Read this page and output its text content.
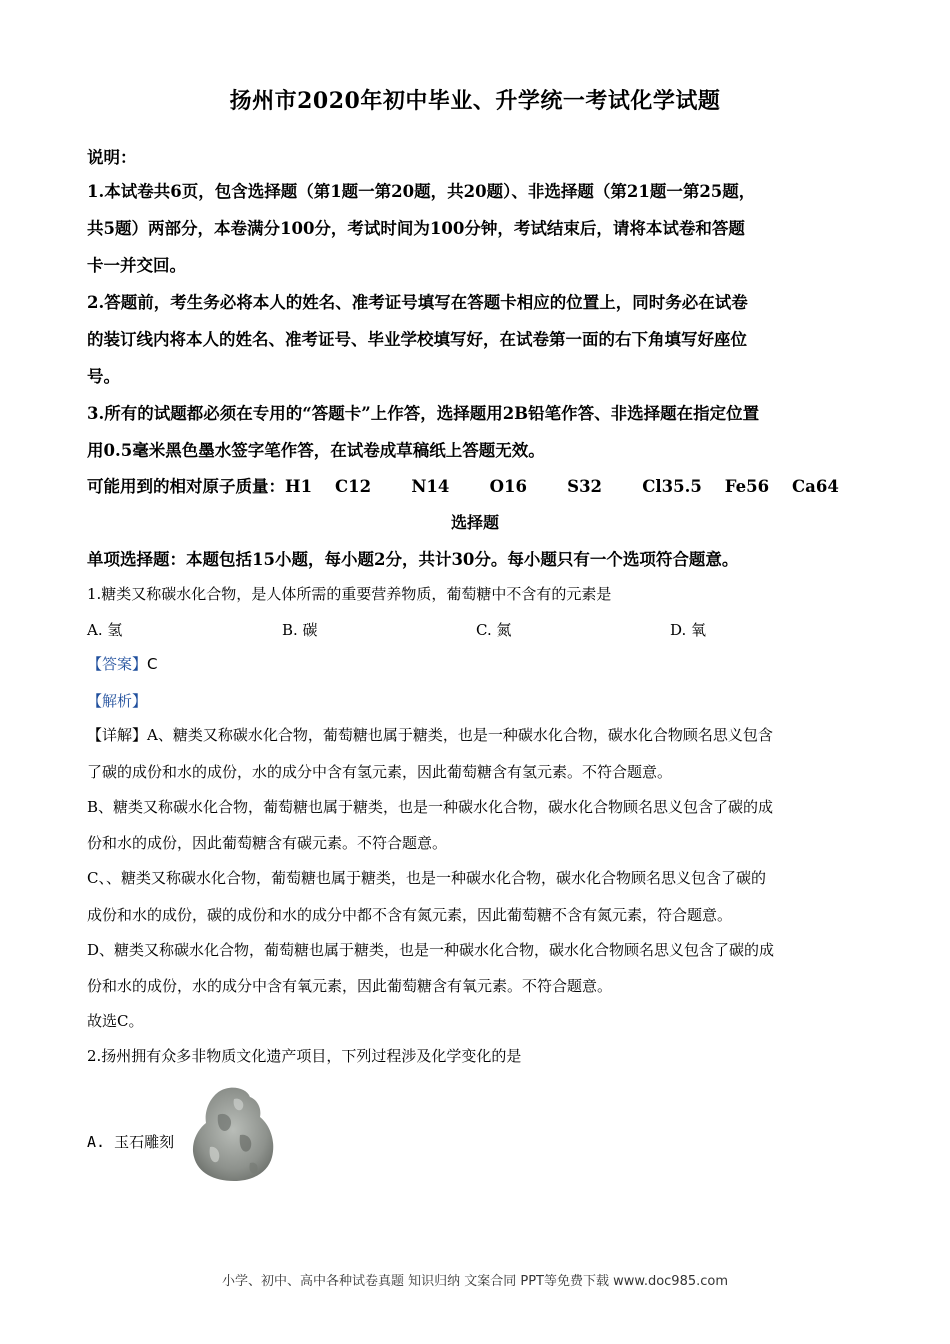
扬州市2020年初中毕业、升学统一考试化学试题
说明：
1.本试卷共6页，包含选择题（第1题一第20题，共20题）、非选择题（第21题一第25题，
共5题）两部分，本卷满分100分，考试时间为100分钟，考试结束后，请将本试卷和答题
卡一并交回。
2.答题前，考生务必将本人的姓名、准考证号填写在答题卡相应的位置上，同时务必在试卷
的装订线内将本人的姓名、准考证号、毕业学校填写好，在试卷第一面的右下角填写好座位
号。
3.所有的试题都必须在专用的“答题卡”上作答，选择题用2B铅笔作答、非选择题在指定位置
用0.5毫米黑色墨水签字笔作答，在试卷成草稿纸上答题无效。
可能用到的相对原子质量：H1    C12       N14       O16       S32       Cl35.5    Fe56    Ca64
选择题
单项选择题：本题包括15小题，每小题2分，共计30分。每小题只有一个选项符合题意。
1.糖类又称碳水化合物，是人体所需的重要营养物质，葡萄糖中不含有的元素是
A. 氢	B. 碳	C. 氮	D. 氧
【答案】C
【解析】
【详解】A、糖类又称碳水化合物，葡萄糖也属于糖类，也是一种碳水化合物，碳水化合物顾名思义包含
了碳的成份和水的成份，水的成分中含有氢元素，因此葡萄糖含有氢元素。不符合题意。
B、糖类又称碳水化合物，葡萄糖也属于糖类，也是一种碳水化合物，碳水化合物顾名思义包含了碳的成
份和水的成份，因此葡萄糖含有碳元素。不符合题意。
C、、糖类又称碳水化合物，葡萄糖也属于糖类，也是一种碳水化合物，碳水化合物顾名思义包含了碳的
成份和水的成份，碳的成份和水的成分中都不含有氮元素，因此葡萄糖不含有氮元素，符合题意。
D、糖类又称碳水化合物，葡萄糖也属于糖类，也是一种碳水化合物，碳水化合物顾名思义包含了碳的成
份和水的成份，水的成分中含有氧元素，因此葡萄糖含有氧元素。不符合题意。
故选C。
2.扬州拥有众多非物质文化遗产项目，下列过程涉及化学变化的是
A. 玉石雕刻
小学、初中、高中各种试卷真题 知识归纳 文案合同 PPT等免费下载 www.doc985.com
